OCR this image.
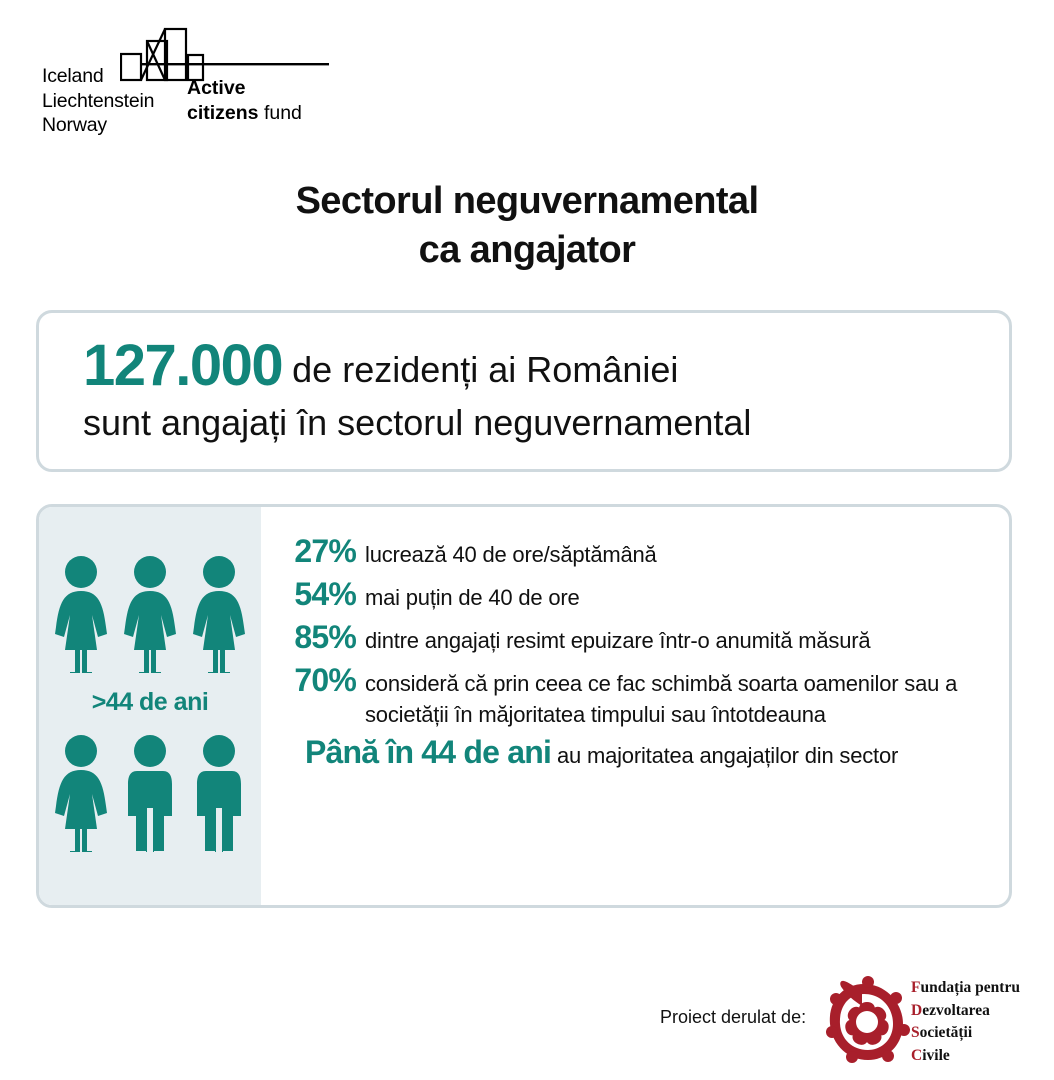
Iceland
Liechtenstein
Norway
Active
citizens fund
Sectorul neguvernamental
ca angajator
127.000 de rezidenți ai României
sunt angajați în sectorul neguvernamental
>44 de ani
27% lucrează 40 de ore/săptămână
54% mai puțin de 40 de ore
85% dintre angajați resimt epuizare într-o anumită măsură
70% consideră că prin ceea ce fac schimbă soarta oamenilor sau a societății în măjoritatea timpului sau întotdeauna
Până în 44 de ani au majoritatea angajaților din sector
Proiect derulat de:
Fundația pentru
Dezvoltarea
Societății
Civile
